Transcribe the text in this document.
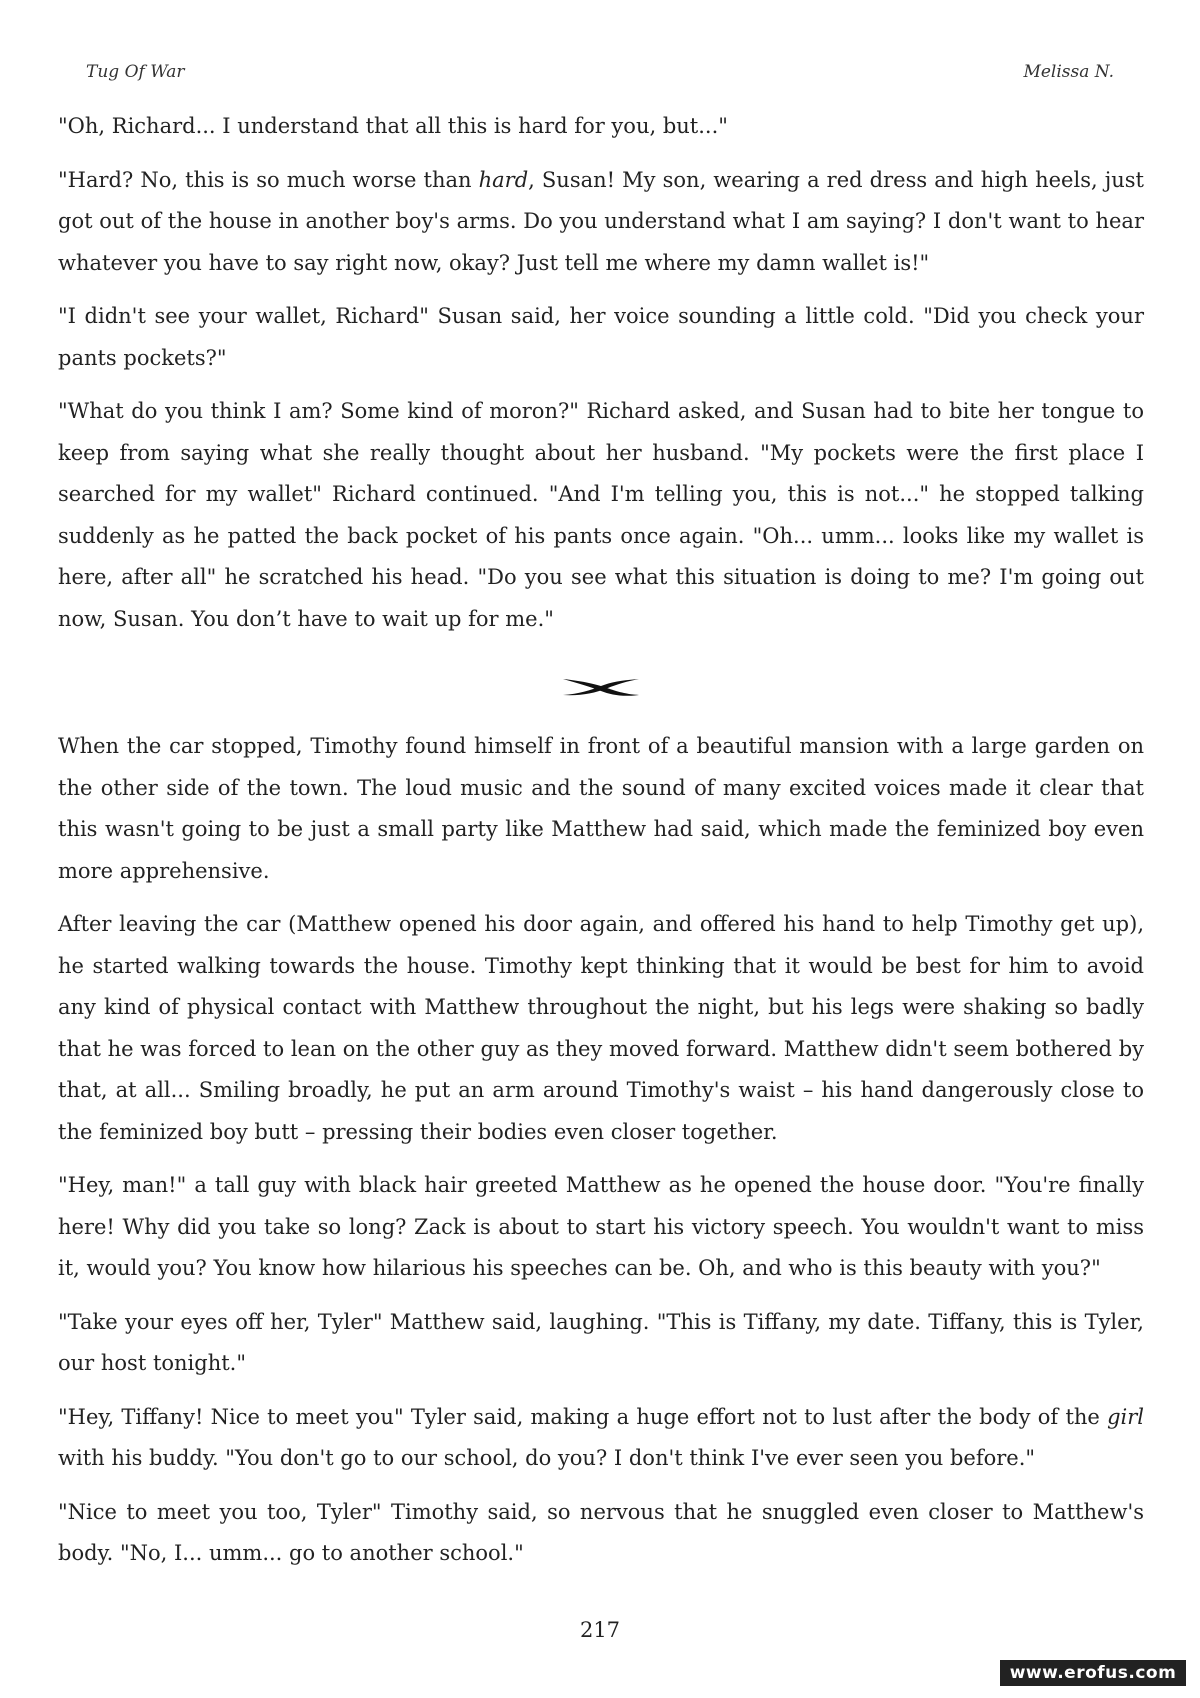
Tug Of War	Melissa N.

"Oh, Richard... I understand that all this is hard for you, but..."

"Hard? No, this is so much worse than hard, Susan! My son, wearing a red dress and high heels, just got out of the house in another boy's arms. Do you understand what I am saying? I don't want to hear whatever you have to say right now, okay? Just tell me where my damn wallet is!"

"I didn't see your wallet, Richard" Susan said, her voice sounding a little cold. "Did you check your pants pockets?"

"What do you think I am? Some kind of moron?" Richard asked, and Susan had to bite her tongue to keep from saying what she really thought about her husband. "My pockets were the first place I searched for my wallet" Richard continued. "And I'm telling you, this is not..." he stopped talking suddenly as he patted the back pocket of his pants once again. "Oh... umm... looks like my wallet is here, after all" he scratched his head. "Do you see what this situation is doing to me? I'm going out now, Susan. You don’t have to wait up for me."

When the car stopped, Timothy found himself in front of a beautiful mansion with a large garden on the other side of the town. The loud music and the sound of many excited voices made it clear that this wasn't going to be just a small party like Matthew had said, which made the feminized boy even more apprehensive.

After leaving the car (Matthew opened his door again, and offered his hand to help Timothy get up), he started walking towards the house. Timothy kept thinking that it would be best for him to avoid any kind of physical contact with Matthew throughout the night, but his legs were shaking so badly that he was forced to lean on the other guy as they moved forward. Matthew didn't seem bothered by that, at all... Smiling broadly, he put an arm around Timothy's waist – his hand dangerously close to the feminized boy butt – pressing their bodies even closer together.

"Hey, man!" a tall guy with black hair greeted Matthew as he opened the house door. "You're finally here! Why did you take so long? Zack is about to start his victory speech. You wouldn't want to miss it, would you? You know how hilarious his speeches can be. Oh, and who is this beauty with you?"

"Take your eyes off her, Tyler" Matthew said, laughing. "This is Tiffany, my date. Tiffany, this is Tyler, our host tonight."

"Hey, Tiffany! Nice to meet you" Tyler said, making a huge effort not to lust after the body of the girl with his buddy. "You don't go to our school, do you? I don't think I've ever seen you before."

"Nice to meet you too, Tyler" Timothy said, so nervous that he snuggled even closer to Matthew's body. "No, I... umm... go to another school."

217
www.erofus.com
